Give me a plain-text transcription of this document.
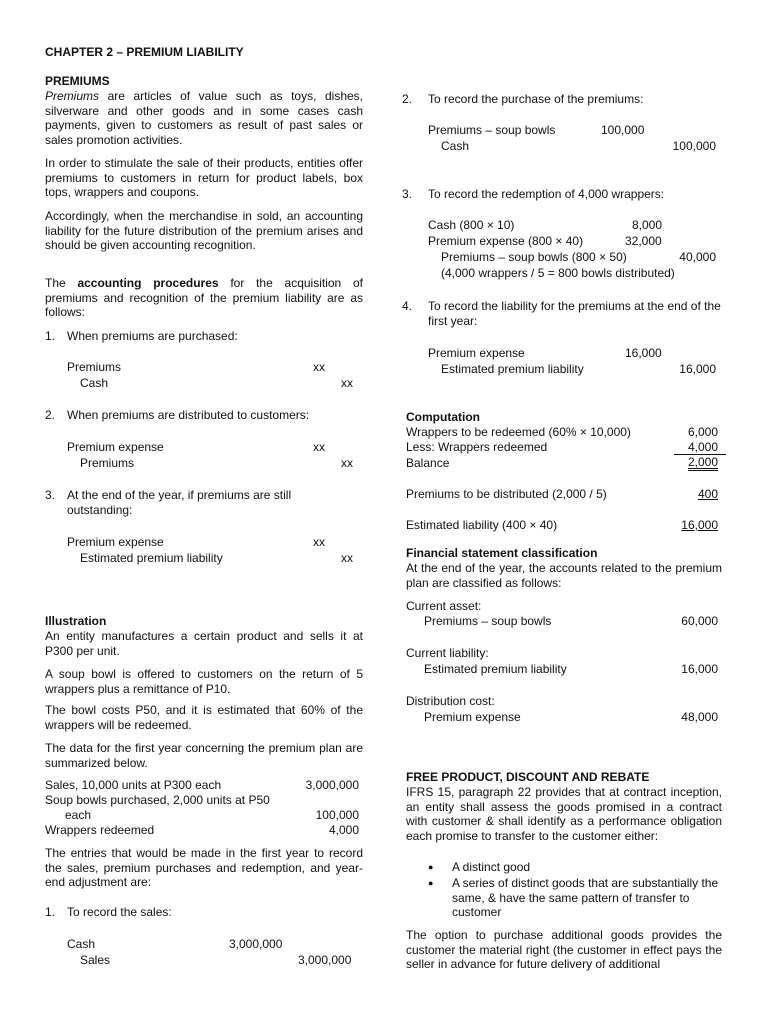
CHAPTER 2 – PREMIUM LIABILITY
PREMIUMS

Premiums are articles of value such as toys, dishes, silverware and other goods and in some cases cash payments, given to customers as result of past sales or sales promotion activities.

In order to stimulate the sale of their products, entities offer premiums to customers in return for product labels, box tops, wrappers and coupons.

Accordingly, when the merchandise in sold, an accounting liability for the future distribution of the premium arises and should be given accounting recognition.

The accounting procedures for the acquisition of premiums and recognition of the premium liability are as follows:

1. When premiums are purchased:
Premiums	xx
Cash	xx
2. When premiums are distributed to customers:
Premium expense	xx
Premiums	xx
3. At the end of the year, if premiums are still outstanding:
Premium expense	xx
Estimated premium liability	xx
Illustration

An entity manufactures a certain product and sells it at P300 per unit.

A soup bowl is offered to customers on the return of 5 wrappers plus a remittance of P10.

The bowl costs P50, and it is estimated that 60% of the wrappers will be redeemed.

The data for the first year concerning the premium plan are summarized below.

Sales, 10,000 units at P300 each	3,000,000
Soup bowls purchased, 2,000 units at P50
each	100,000
Wrappers redeemed	4,000

The entries that would be made in the first year to record the sales, premium purchases and redemption, and year-end adjustment are:

1. To record the sales:
Cash	3,000,000
Sales	3,000,000
2. To record the purchase of the premiums:
Premiums – soup bowls	100,000
Cash	100,000
3. To record the redemption of 4,000 wrappers:
Cash (800 × 10)	8,000
Premium expense (800 × 40)	32,000
Premiums – soup bowls (800 × 50)	40,000
(4,000 wrappers / 5 = 800 bowls distributed)
4. To record the liability for the premiums at the end of the first year:
Premium expense	16,000
Estimated premium liability	16,000
Computation
Wrappers to be redeemed (60% × 10,000)	6,000
Less: Wrappers redeemed	4,000
Balance	2,000
Premiums to be distributed (2,000 / 5)	400
Estimated liability (400 × 40)	16,000
Financial statement classification

At the end of the year, the accounts related to the premium plan are classified as follows:

Current asset:
Premiums – soup bowls	60,000
Current liability:
Estimated premium liability	16,000
Distribution cost:
Premium expense	48,000
FREE PRODUCT, DISCOUNT AND REBATE

IFRS 15, paragraph 22 provides that at contract inception, an entity shall assess the goods promised in a contract with customer & shall identify as a performance obligation each promise to transfer to the customer either:

● A distinct good
● A series of distinct goods that are substantially the same, & have the same pattern of transfer to customer

The option to purchase additional goods provides the customer the material right (the customer in effect pays the seller in advance for future delivery of additional
